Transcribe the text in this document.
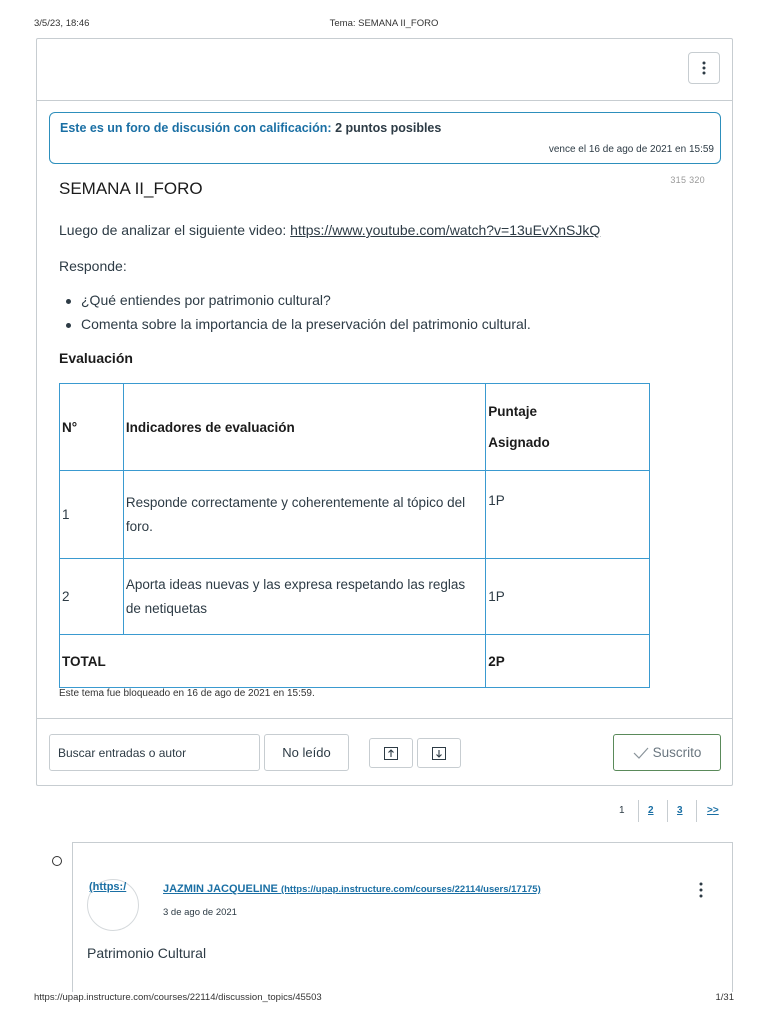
3/5/23, 18:46	Tema: SEMANA II_FORO
Este es un foro de discusión con calificación: 2 puntos posibles
vence el 16 de ago de 2021 en 15:59
315 320
SEMANA II_FORO
Luego de analizar el siguiente video: https://www.youtube.com/watch?v=13uEvXnSJkQ
Responde:
¿Qué entiendes por patrimonio cultural?
Comenta sobre la importancia de la preservación del patrimonio cultural.
Evaluación
N°	Indicadores de evaluación	Puntaje
Asignado
1	Responde correctamente y coherentemente al tópico del foro.	1P
2	Aporta ideas nuevas y las expresa respetando las reglas de netiquetas	1P
TOTAL		2P
Este tema fue bloqueado en 16 de ago de 2021 en 15:59.
Buscar entradas o autor
No leído	Suscrito
1 2 3 >>
(https:/	JAZMIN JACQUELINE (https://upap.instructure.com/courses/22114/users/17175)
3 de ago de 2021
Patrimonio Cultural
https://upap.instructure.com/courses/22114/discussion_topics/45503	1/31
